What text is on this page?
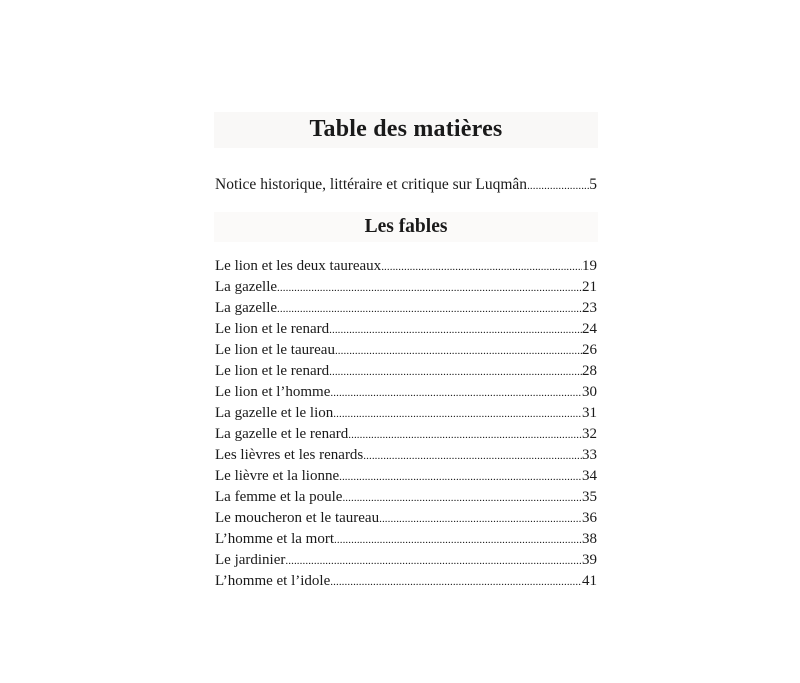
Table des matières
Notice historique, littéraire et critique sur Luqmân .....	5
Les fables
Le lion et les deux taureaux .....	19
La gazelle .....	21
La gazelle .....	23
Le lion et le renard .....	24
Le lion et le taureau .....	26
Le lion et le renard .....	28
Le lion et l’homme .....	30
La gazelle et le lion .....	31
La gazelle et le renard .....	32
Les lièvres et les renards .....	33
Le lièvre et la lionne .....	34
La femme et la poule .....	35
Le moucheron et le taureau .....	36
L’homme et la mort .....	38
Le jardinier .....	39
L’homme et l’idole .....	41
